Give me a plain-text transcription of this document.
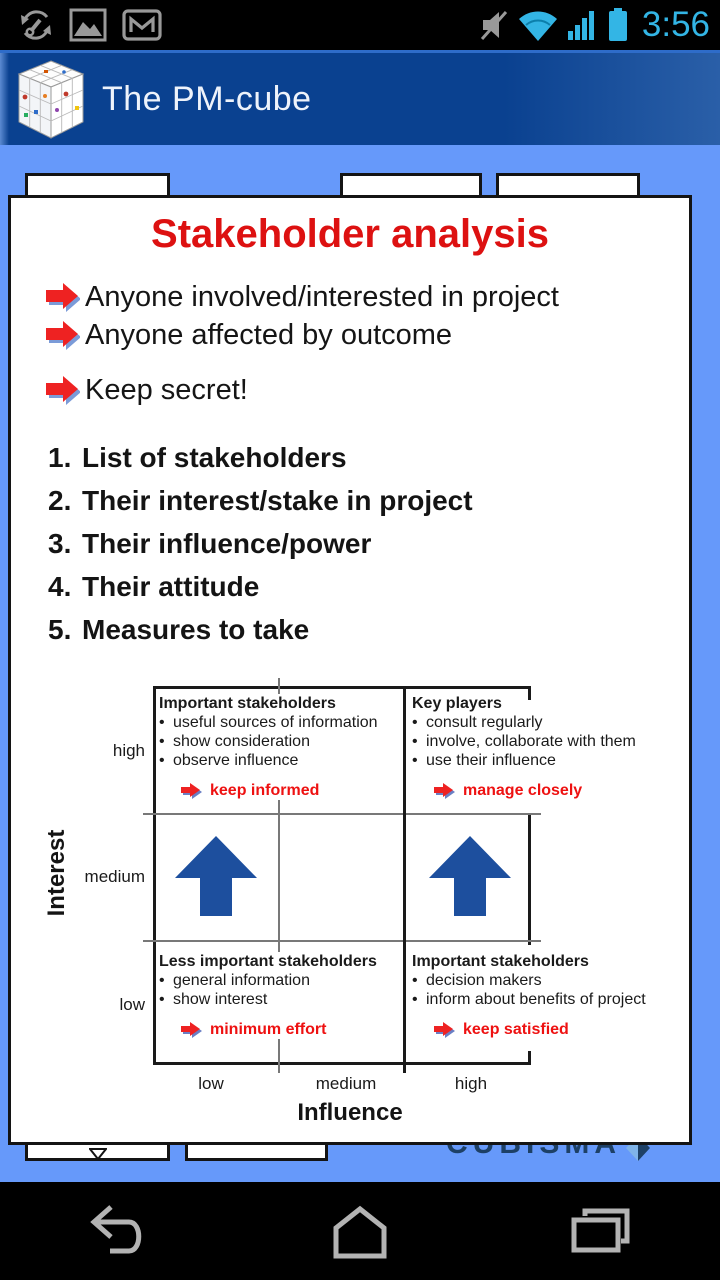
3:56
The PM-cube
Stakeholder analysis
Anyone involved/interested in project
Anyone affected by outcome
Keep secret!
1. List of stakeholders
2. Their interest/stake in project
3. Their influence/power
4. Their attitude
5. Measures to take
Interest
high
medium
low
low	medium	high
Influence
Important stakeholders
• useful sources of information
• show consideration
• observe influence
keep informed
Key players
• consult regularly
• involve, collaborate with them
• use their influence
manage closely
Less important stakeholders
• general information
• show interest
minimum effort
Important stakeholders
• decision makers
• inform about benefits of project
keep satisfied
